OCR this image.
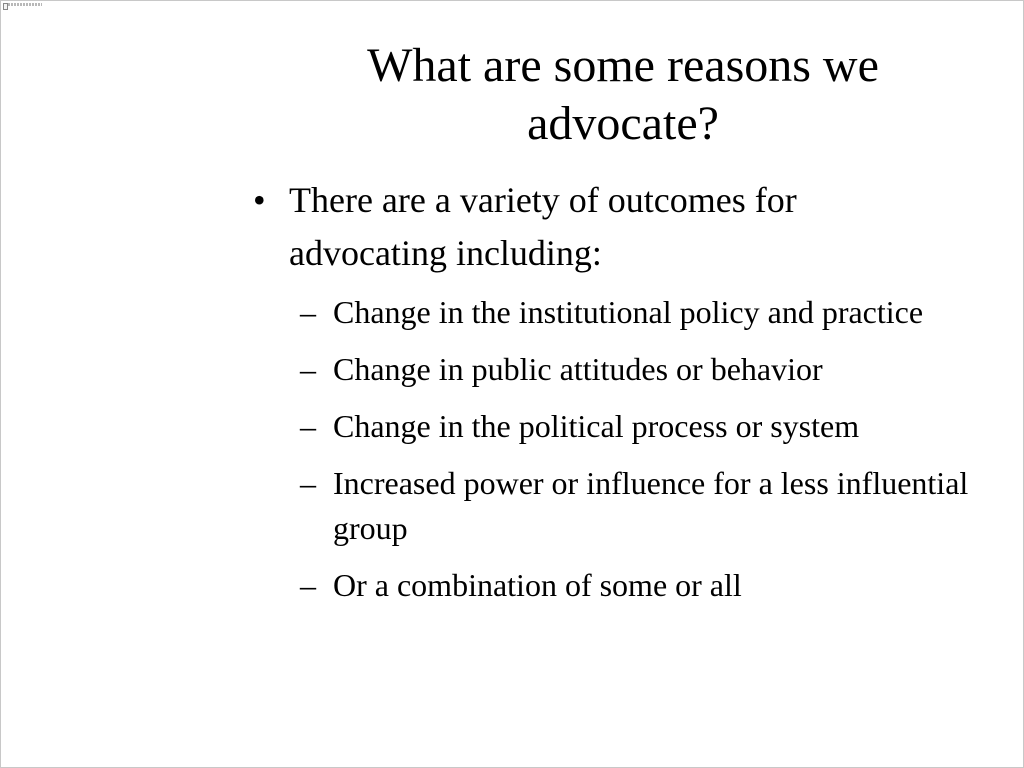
What are some reasons we advocate?
• There are a variety of outcomes for advocating including:
– Change in the institutional policy and practice
– Change in public attitudes or behavior
– Change in the political process or system
– Increased power or influence for a less influential group
– Or a combination of some or all
